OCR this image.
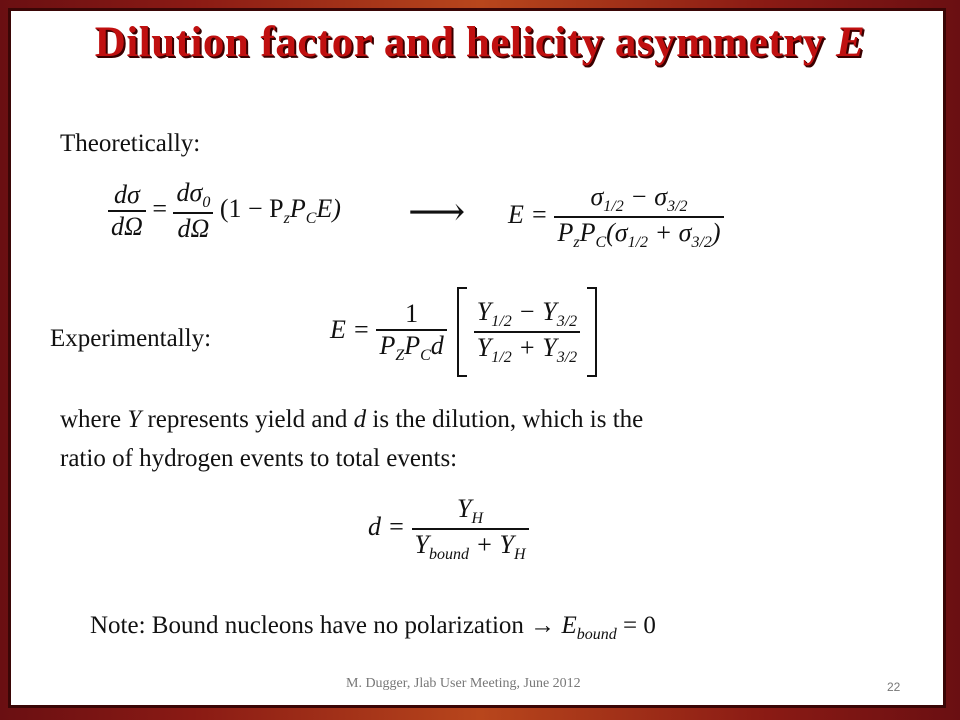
Dilution factor and helicity asymmetry E
Theoretically:
$\frac{d\sigma}{d\Omega} = \frac{d\sigma_0}{d\Omega} (1 - P_zP_CE)$ ⟶ $E = \frac{\sigma_{1/2} - \sigma_{3/2}}{P_zP_C(\sigma_{1/2} + \sigma_{3/2})}$
Experimentally:	$E = \frac{1}{P_ZP_Cd}$
$\frac{Y_{1/2} - Y_{3/2}}{Y_{1/2} + Y_{3/2}}$

where Y represents yield and d is the dilution, which is the
ratio of hydrogen events to total events:
$d = \frac{Y_H}{Y_{bound} + Y_H}$
Note: Bound nucleons have no polarization → $E_{bound} = 0$
M. Dugger, Jlab User Meeting, June 2012	22
